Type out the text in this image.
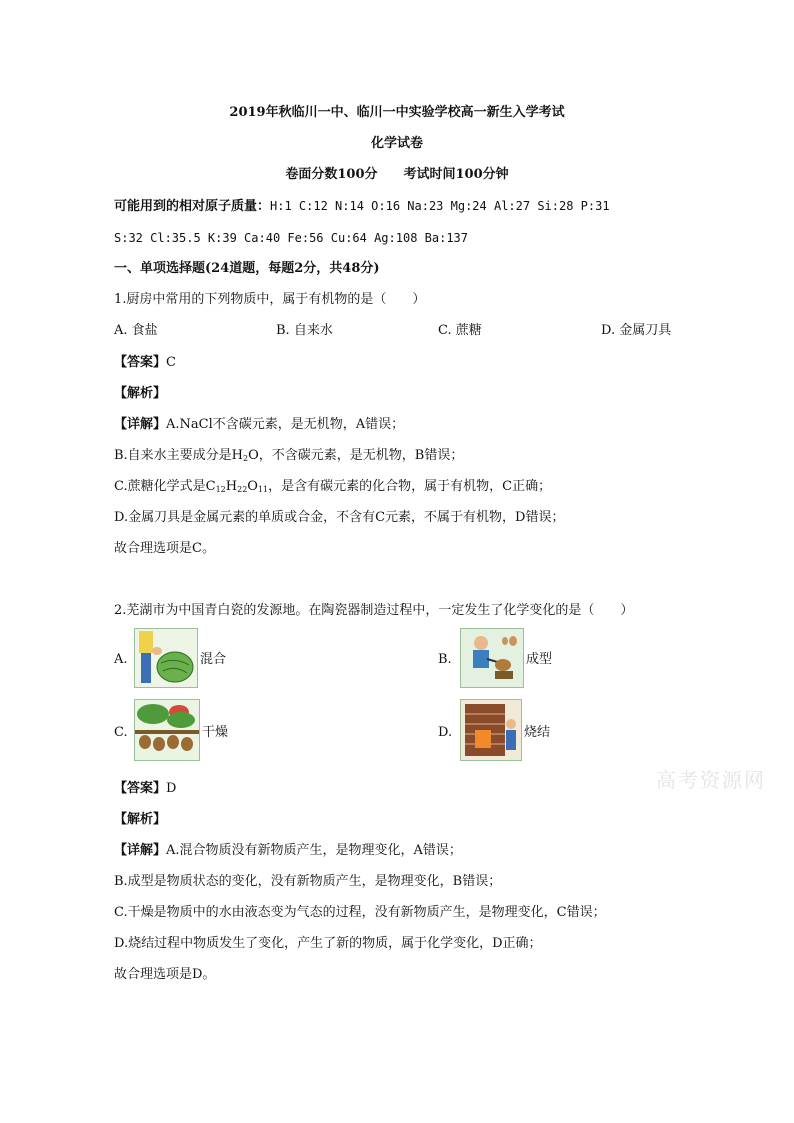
2019年秋临川一中、临川一中实验学校高一新生入学考试
化学试卷
卷面分数100分　　考试时间100分钟
可能用到的相对原子质量：H:1 C:12 N:14 O:16 Na:23 Mg:24 Al:27 Si:28 P:31
S:32 Cl:35.5 K:39 Ca:40 Fe:56 Cu:64 Ag:108 Ba:137
一、单项选择题(24道题，每题2分，共48分)
1.厨房中常用的下列物质中，属于有机物的是（　　）
A. 食盐	B. 自来水	C. 蔗糖	D. 金属刀具
【答案】C
【解析】
【详解】A.NaCl不含碳元素，是无机物，A错误；
B.自来水主要成分是$H_2O$，不含碳元素，是无机物，B错误；
C.蔗糖化学式是$C_{12}H_{22}O_{11}$，是含有碳元素的化合物，属于有机物，C正确；
D.金属刀具是金属元素的单质或合金，不含有C元素，不属于有机物，D错误；
故合理选项是C。
2.芜湖市为中国青白瓷的发源地。在陶瓷器制造过程中，一定发生了化学变化的是（　　）
A.	混合	B.	成型
C.	干燥	D.	烧结
高考资源网
【答案】D
【解析】
【详解】A.混合物质没有新物质产生，是物理变化，A错误；
B.成型是物质状态的变化，没有新物质产生，是物理变化，B错误；
C.干燥是物质中的水由液态变为气态的过程，没有新物质产生，是物理变化，C错误；
D.烧结过程中物质发生了变化，产生了新的物质，属于化学变化，D正确；
故合理选项是D。
